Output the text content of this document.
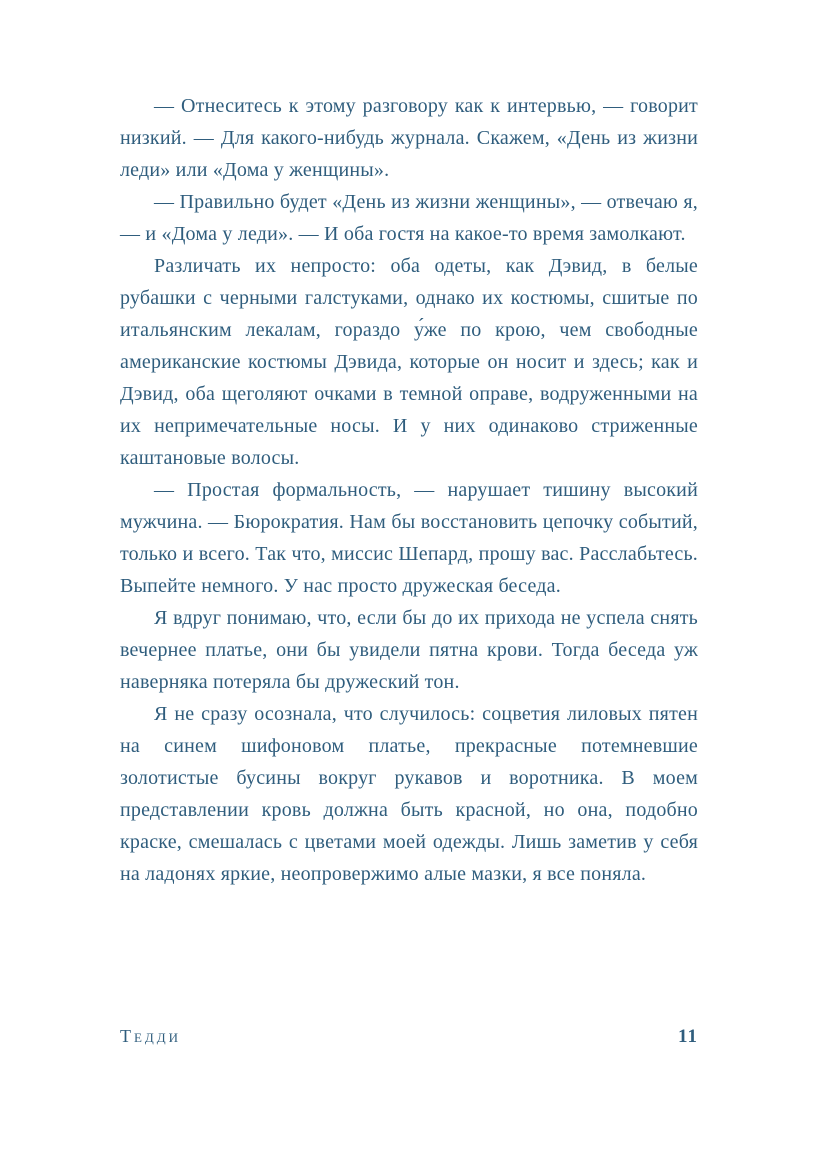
— Отнеситесь к этому разговору как к интервью, — говорит низкий. — Для какого-нибудь журнала. Скажем, «День из жизни леди» или «Дома у женщины».

— Правильно будет «День из жизни женщины», — отвечаю я, — и «Дома у леди». — И оба гостя на какое-то время замолкают.

Различать их непросто: оба одеты, как Дэвид, в белые рубашки с черными галстуками, однако их костюмы, сшитые по итальянским лекалам, гораздо у́же по крою, чем свободные американские костюмы Дэвида, которые он носит и здесь; как и Дэвид, оба щеголяют очками в темной оправе, водруженными на их непримечательные носы. И у них одинаково стриженные каштановые волосы.

— Простая формальность, — нарушает тишину высокий мужчина. — Бюрократия. Нам бы восстановить цепочку событий, только и всего. Так что, миссис Шепард, прошу вас. Расслабьтесь. Выпейте немного. У нас просто дружеская беседа.

Я вдруг понимаю, что, если бы до их прихода не успела снять вечернее платье, они бы увидели пятна крови. Тогда беседа уж наверняка потеряла бы дружеский тон.

Я не сразу осознала, что случилось: соцветия лиловых пятен на синем шифоновом платье, прекрасные потемневшие золотистые бусины вокруг рукавов и воротника. В моем представлении кровь должна быть красной, но она, подобно краске, смешалась с цветами моей одежды. Лишь заметив у себя на ладонях яркие, неопровержимо алые мазки, я все поняла.

Тедди	11
